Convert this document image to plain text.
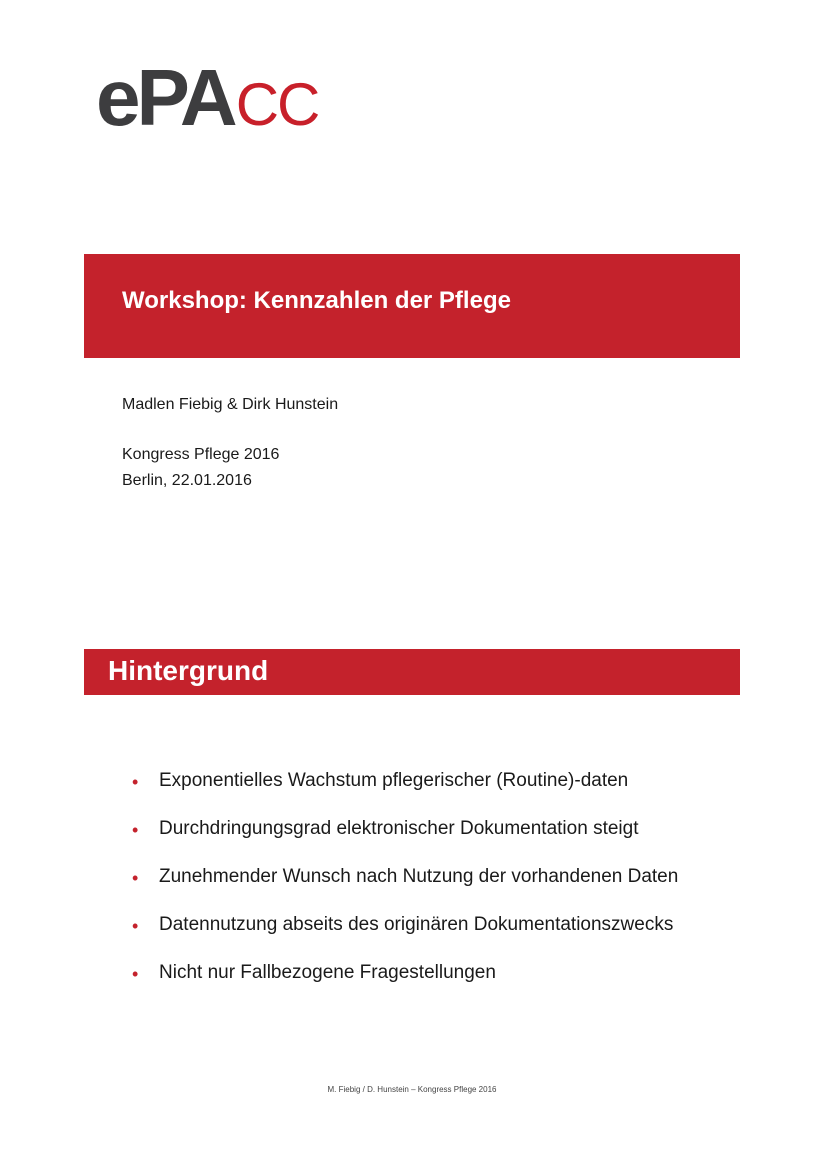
ePACC
Workshop: Kennzahlen der Pflege
Madlen Fiebig & Dirk Hunstein
Kongress Pflege 2016
Berlin, 22.01.2016
Hintergrund
• Exponentielles Wachstum pflegerischer (Routine)-daten
• Durchdringungsgrad elektronischer Dokumentation steigt
• Zunehmender Wunsch nach Nutzung der vorhandenen Daten
• Datennutzung abseits des originären Dokumentationszwecks
• Nicht nur Fallbezogene Fragestellungen
M. Fiebig / D. Hunstein – Kongress Pflege 2016
